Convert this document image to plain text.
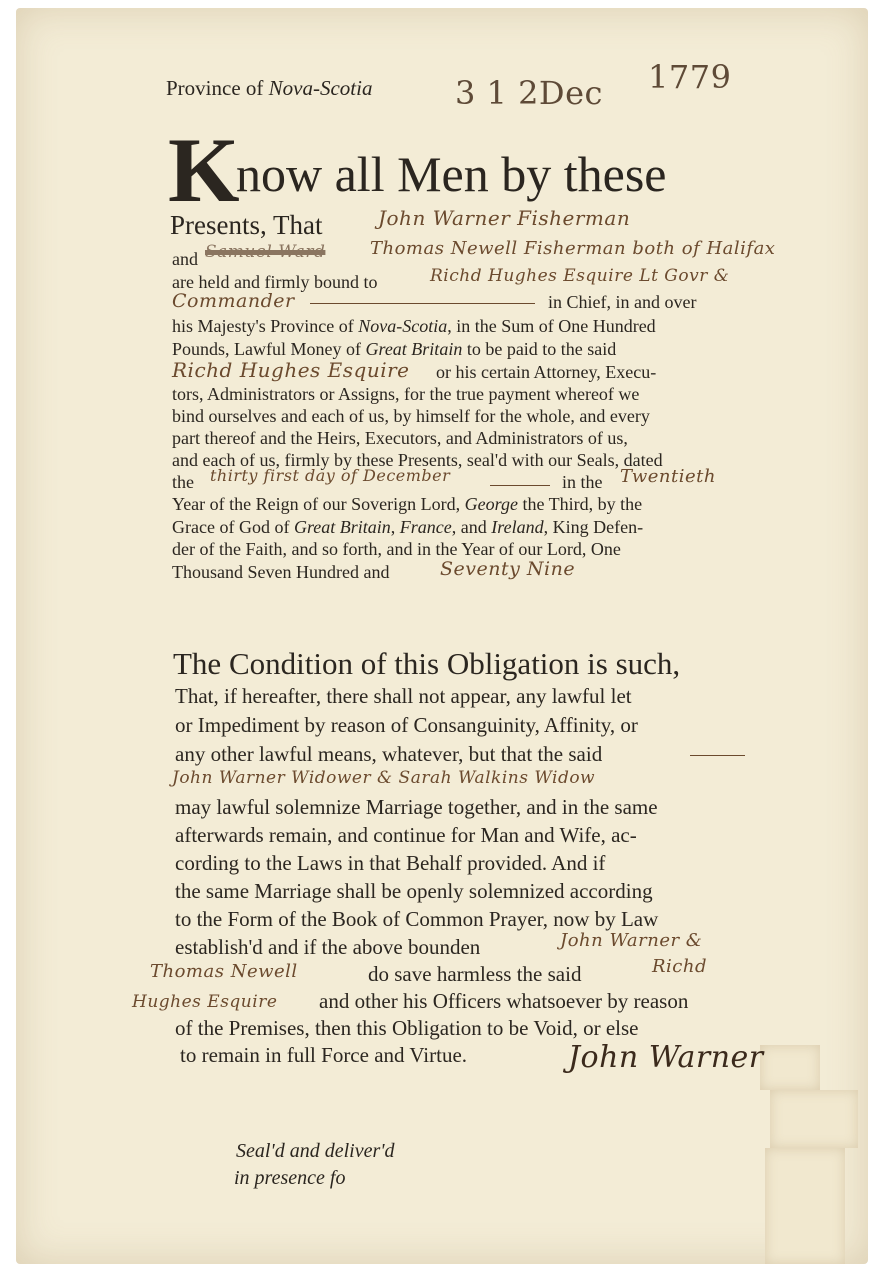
Province of Nova-Scotia	3 1 2Dec 1779
K
now all Men by these
Presents, That	John Warner Fisherman
and Samuel Ward Thomas Newell Fisherman both of Halifax
are held and firmly bound to	Richd Hughes Esquire Lt Govr &
Commander	in Chief, in and over
his Majesty's Province of Nova-Scotia, in the Sum of One Hundred
Pounds, Lawful Money of Great Britain to be paid to the said
Richd Hughes Esquire or his certain Attorney, Execu-
tors, Administrators or Assigns, for the true payment whereof we
bind ourselves and each of us, by himself for the whole, and every
part thereof and the Heirs, Executors, and Administrators of us,
and each of us, firmly by these Presents, seal'd with our Seals, dated
the thirty first day of December	in the Twentieth
Year of the Reign of our Soverign Lord, George the Third, by the
Grace of God of Great Britain, France, and Ireland, King Defen-
der of the Faith, and so forth, and in the Year of our Lord, One
Thousand Seven Hundred and	Seventy Nine
The Condition of this Obligation is such,
That, if hereafter, there shall not appear, any lawful let
or Impediment by reason of Consanguinity, Affinity, or
any other lawful means, whatever, but that the said
John Warner Widower & Sarah Walkins Widow
may lawful solemnize Marriage together, and in the same
afterwards remain, and continue for Man and Wife, ac-
cording to the Laws in that Behalf provided. And if
the same Marriage shall be openly solemnized according
to the Form of the Book of Common Prayer, now by Law
establish'd and if the above bounden	John Warner &
Thomas Newell	do save harmless the said	Richd
Hughes Esquire and other his Officers whatsoever by reason
of the Premises, then this Obligation to be Void, or else
to remain in full Force and Virtue.	John Warner
Seal'd and deliver'd
in presence fo
